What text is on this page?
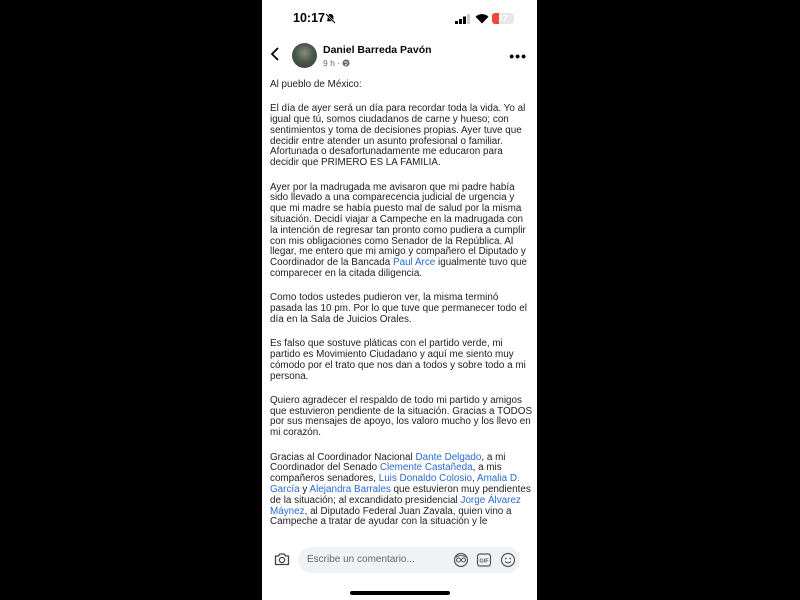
10:17	17
Daniel Barreda Pavón
9 h ·	•••
Al pueblo de México:
El día de ayer será un día para recordar toda la vida. Yo al
igual que tú, somos ciudadanos de carne y hueso; con
sentimientos y toma de decisiones propias. Ayer tuve que
decidir entre atender un asunto profesional o familiar.
Afortunada o desafortunadamente me educaron para
decidir que PRIMERO ES LA FAMILIA.
Ayer por la madrugada me avisaron que mi padre había
sido llevado a una comparecencia judicial de urgencia y
que mi madre se había puesto mal de salud por la misma
situación. Decidí viajar a Campeche en la madrugada con
la intención de regresar tan pronto como pudiera a cumplir
con mis obligaciones como Senador de la República. Al
llegar, me entero que mi amigo y compañero el Diputado y
Coordinador de la Bancada Paul Arce igualmente tuvo que
comparecer en la citada diligencia.
Como todos ustedes pudieron ver, la misma terminó
pasada las 10 pm. Por lo que tuve que permanecer todo el
día en la Sala de Juicios Orales.
Es falso que sostuve pláticas con el partido verde, mi
partido es Movimiento Ciudadano y aquí me siento muy
cómodo por el trato que nos dan a todos y sobre todo a mi
persona.
Quiero agradecer el respaldo de todo mi partido y amigos
que estuvieron pendiente de la situación. Gracias a TODOS
por sus mensajes de apoyo, los valoro mucho y los llevo en
mi corazón.
Gracias al Coordinador Nacional Dante Delgado, a mi
Coordinador del Senado Clemente Castañeda, a mis
compañeros senadores, Luis Donaldo Colosio, Amalia D.
García y Alejandra Barrales que estuvieron muy pendientes
de la situación; al excandidato presidencial Jorge Álvarez
Máynez, al Diputado Federal Juan Zavala, quien vino a
Campeche a tratar de ayudar con la situación y le
Escribe un comentario...	GIF
